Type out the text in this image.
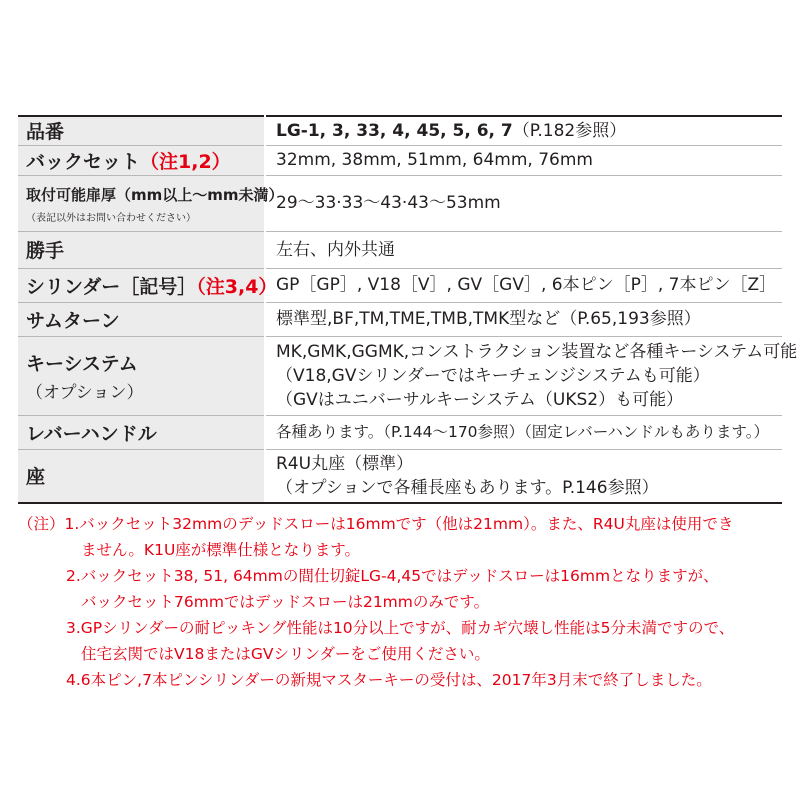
品番	LG-1, 3, 33, 4, 45, 5, 6, 7（P.182参照）
バックセット（注1,2）	32mm, 38mm, 51mm, 64mm, 76mm
取付可能扉厚（mm以上〜mm未満）
（表記以外はお問い合わせください）	29〜33·33〜43·43〜53mm
勝手	左右、内外共通
シリンダー［記号］（注3,4）	GP［GP］, V18［V］, GV［GV］, 6本ピン［P］, 7本ピン［Z］
サムターン	標準型,BF,TM,TME,TMB,TMK型など（P.65,193参照）
キーシステム
（オプション）	MK,GMK,GGMK,コンストラクション装置など各種キーシステム可能
（V18,GVシリンダーではキーチェンジシステムも可能）
（GVはユニバーサルキーシステム（UKS2）も可能）

レバーハンドル	各種あります。（P.144〜170参照）（固定レバーハンドルもあります。）
座	R4U丸座（標準）
（オプションで各種長座もあります。P.146参照）
（注）1.バックセット32mmのデッドスローは16mmです（他は21mm）。また、R4U丸座は使用でき
ません。K1U座が標準仕様となります。
2.バックセット38, 51, 64mmの間仕切錠LG-4,45ではデッドスローは16mmとなりますが、
バックセット76mmではデッドスローは21mmのみです。
3.GPシリンダーの耐ピッキング性能は10分以上ですが、耐カギ穴壊し性能は5分未満ですので、
住宅玄関ではV18またはGVシリンダーをご使用ください。
4.6本ピン,7本ピンシリンダーの新規マスターキーの受付は、2017年3月末で終了しました。
